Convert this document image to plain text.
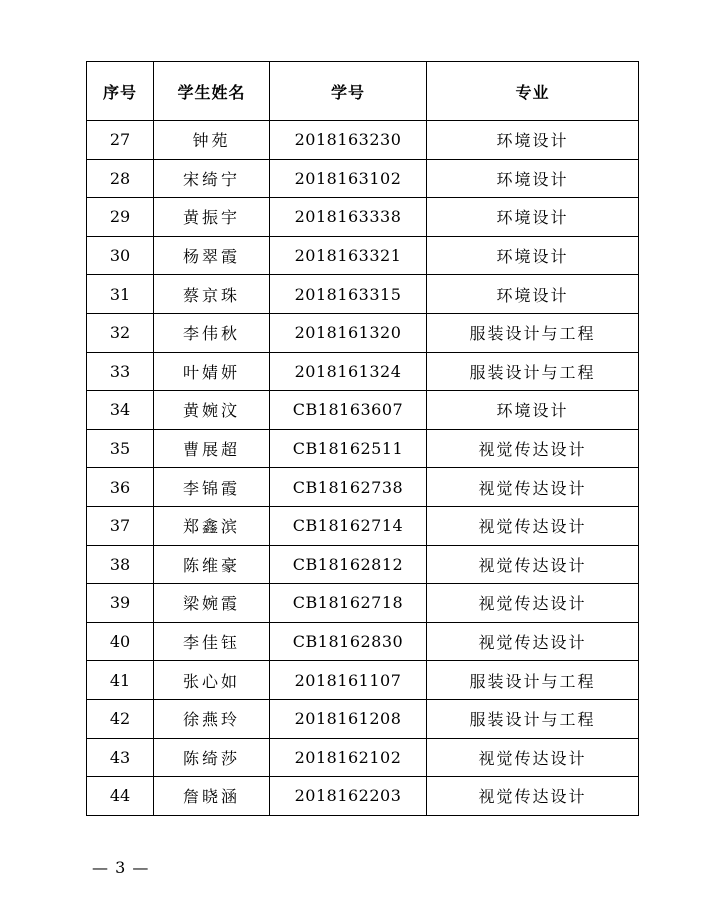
序号	学生姓名	学号	专业
27	钟苑	2018163230	环境设计
28	宋绮宁	2018163102	环境设计
29	黄振宇	2018163338	环境设计
30	杨翠霞	2018163321	环境设计
31	蔡京珠	2018163315	环境设计
32	李伟秋	2018161320	服装设计与工程
33	叶婧妍	2018161324	服装设计与工程
34	黄婉汶	CB18163607	环境设计
35	曹展超	CB18162511	视觉传达设计
36	李锦霞	CB18162738	视觉传达设计
37	郑鑫滨	CB18162714	视觉传达设计
38	陈维豪	CB18162812	视觉传达设计
39	梁婉霞	CB18162718	视觉传达设计
40	李佳钰	CB18162830	视觉传达设计
41	张心如	2018161107	服装设计与工程
42	徐燕玲	2018161208	服装设计与工程
43	陈绮莎	2018162102	视觉传达设计
44	詹晓涵	2018162203	视觉传达设计
— 3 —
